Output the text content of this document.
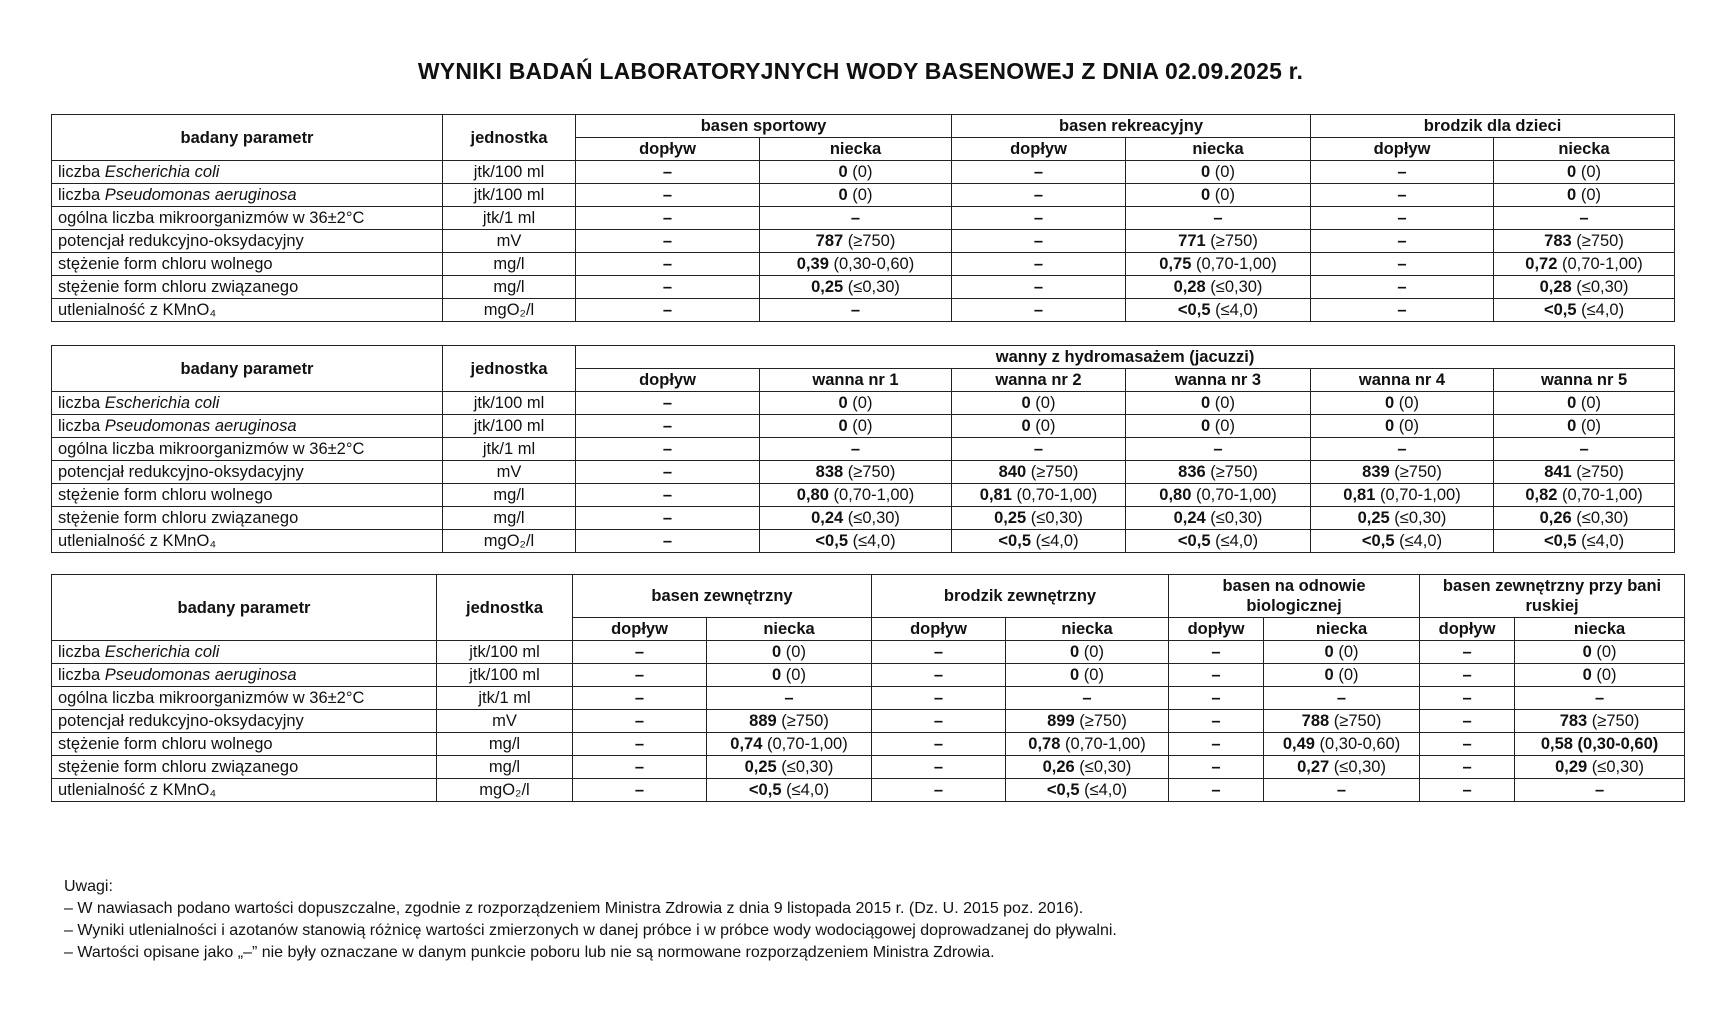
WYNIKI BADAŃ LABORATORYJNYCH WODY BASENOWEJ Z DNIA 02.09.2025 r.
badany parametr	jednostka	basen sportowy		basen rekreacyjny		brodzik dla dzieci	
		dopływ	niecka	dopływ	niecka	dopływ	niecka
liczba Escherichia coli	jtk/100 ml	–	0 (0)	–	0 (0)	–	0 (0)
liczba Pseudomonas aeruginosa	jtk/100 ml	–	0 (0)	–	0 (0)	–	0 (0)
ogólna liczba mikroorganizmów w 36±2°C	jtk/1 ml	–	–	–	–	–	–
potencjał redukcyjno-oksydacyjny	mV	–	787 (≥750)	–	771 (≥750)	–	783 (≥750)
stężenie form chloru wolnego	mg/l	–	0,39 (0,30-0,60)	–	0,75 (0,70-1,00)	–	0,72 (0,70-1,00)
stężenie form chloru związanego	mg/l	–	0,25 (≤0,30)	–	0,28 (≤0,30)	–	0,28 (≤0,30)
utlenialność z KMnO₄	mgO₂/l	–	–	–	<0,5 (≤4,0)	–	<0,5 (≤4,0)
badany parametr	jednostka	wanny z hydromasażem (jacuzzi)					
		dopływ	wanna nr 1	wanna nr 2	wanna nr 3	wanna nr 4	wanna nr 5
liczba Escherichia coli	jtk/100 ml	–	0 (0)	0 (0)	0 (0)	0 (0)	0 (0)
liczba Pseudomonas aeruginosa	jtk/100 ml	–	0 (0)	0 (0)	0 (0)	0 (0)	0 (0)
ogólna liczba mikroorganizmów w 36±2°C	jtk/1 ml	–	–	–	–	–	–
potencjał redukcyjno-oksydacyjny	mV	–	838 (≥750)	840 (≥750)	836 (≥750)	839 (≥750)	841 (≥750)
stężenie form chloru wolnego	mg/l	–	0,80 (0,70-1,00)	0,81 (0,70-1,00)	0,80 (0,70-1,00)	0,81 (0,70-1,00)	0,82 (0,70-1,00)
stężenie form chloru związanego	mg/l	–	0,24 (≤0,30)	0,25 (≤0,30)	0,24 (≤0,30)	0,25 (≤0,30)	0,26 (≤0,30)
utlenialność z KMnO₄	mgO₂/l	–	<0,5 (≤4,0)	<0,5 (≤4,0)	<0,5 (≤4,0)	<0,5 (≤4,0)	<0,5 (≤4,0)
badany parametr	jednostka	basen zewnętrzny		brodzik zewnętrzny		basen na odnowie biologicznej		basen zewnętrzny przy bani ruskiej	
		dopływ	niecka	dopływ	niecka	dopływ	niecka	dopływ	niecka
liczba Escherichia coli	jtk/100 ml	–	0 (0)	–	0 (0)	–	0 (0)	–	0 (0)
liczba Pseudomonas aeruginosa	jtk/100 ml	–	0 (0)	–	0 (0)	–	0 (0)	–	0 (0)
ogólna liczba mikroorganizmów w 36±2°C	jtk/1 ml	–	–	–	–	–	–	–	–
potencjał redukcyjno-oksydacyjny	mV	–	889 (≥750)	–	899 (≥750)	–	788 (≥750)	–	783 (≥750)
stężenie form chloru wolnego	mg/l	–	0,74 (0,70-1,00)	–	0,78 (0,70-1,00)	–	0,49 (0,30-0,60)	–	0,58 (0,30-0,60)
stężenie form chloru związanego	mg/l	–	0,25 (≤0,30)	–	0,26 (≤0,30)	–	0,27 (≤0,30)	–	0,29 (≤0,30)
utlenialność z KMnO₄	mgO₂/l	–	<0,5 (≤4,0)	–	<0,5 (≤4,0)	–	–	–	–
Uwagi:
– W nawiasach podano wartości dopuszczalne, zgodnie z rozporządzeniem Ministra Zdrowia z dnia 9 listopada 2015 r. (Dz. U. 2015 poz. 2016).
– Wyniki utlenialności i azotanów stanowią różnicę wartości zmierzonych w danej próbce i w próbce wody wodociągowej doprowadzanej do pływalni.
– Wartości opisane jako „–” nie były oznaczane w danym punkcie poboru lub nie są normowane rozporządzeniem Ministra Zdrowia.
